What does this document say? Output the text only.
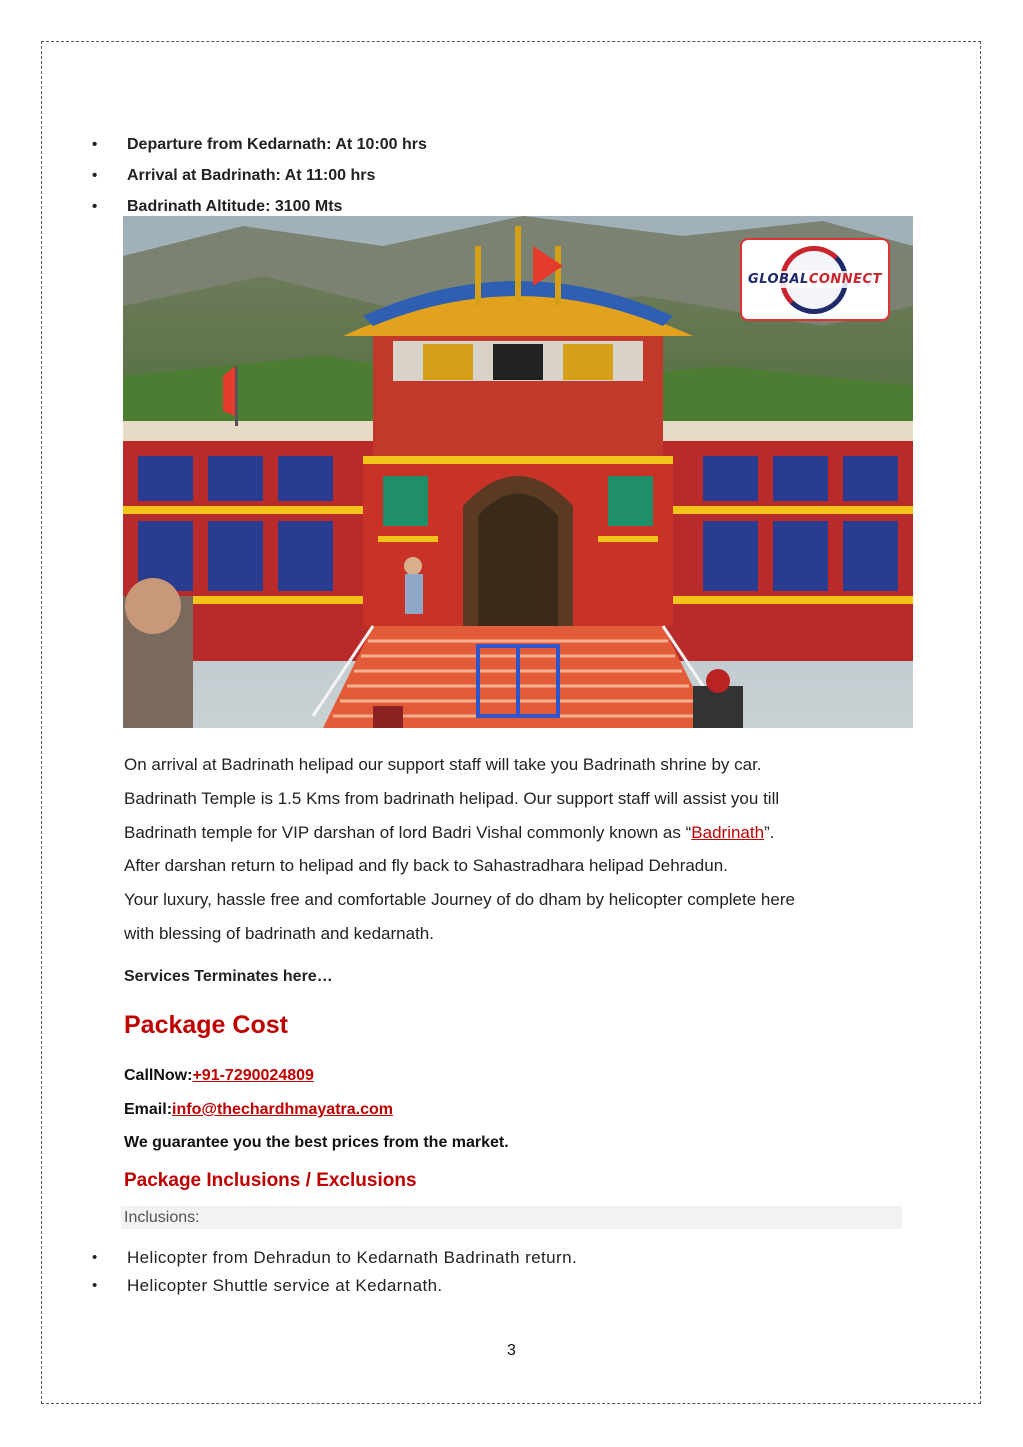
• Departure from Kedarnath: At 10:00 hrs
• Arrival at Badrinath: At 11:00 hrs
• Badrinath Altitude: 3100 Mts
GLOBALCONNECT

On arrival at Badrinath helipad our support staff will take you Badrinath shrine by car.

Badrinath Temple is 1.5 Kms from badrinath helipad. Our support staff will assist you till

Badrinath temple for VIP darshan of lord Badri Vishal commonly known as “Badrinath”.

After darshan return to helipad and fly back to Sahastradhara helipad Dehradun.

Your luxury, hassle free and comfortable Journey of do dham by helicopter complete here

with blessing of badrinath and kedarnath.

Services Terminates here…
Package Cost
CallNow:+91-7290024809
Email:info@thechardhmayatra.com
We guarantee you the best prices from the market.
Package Inclusions / Exclusions
Inclusions:
• Helicopter from Dehradun to Kedarnath Badrinath return.
• Helicopter Shuttle service at Kedarnath.
3
